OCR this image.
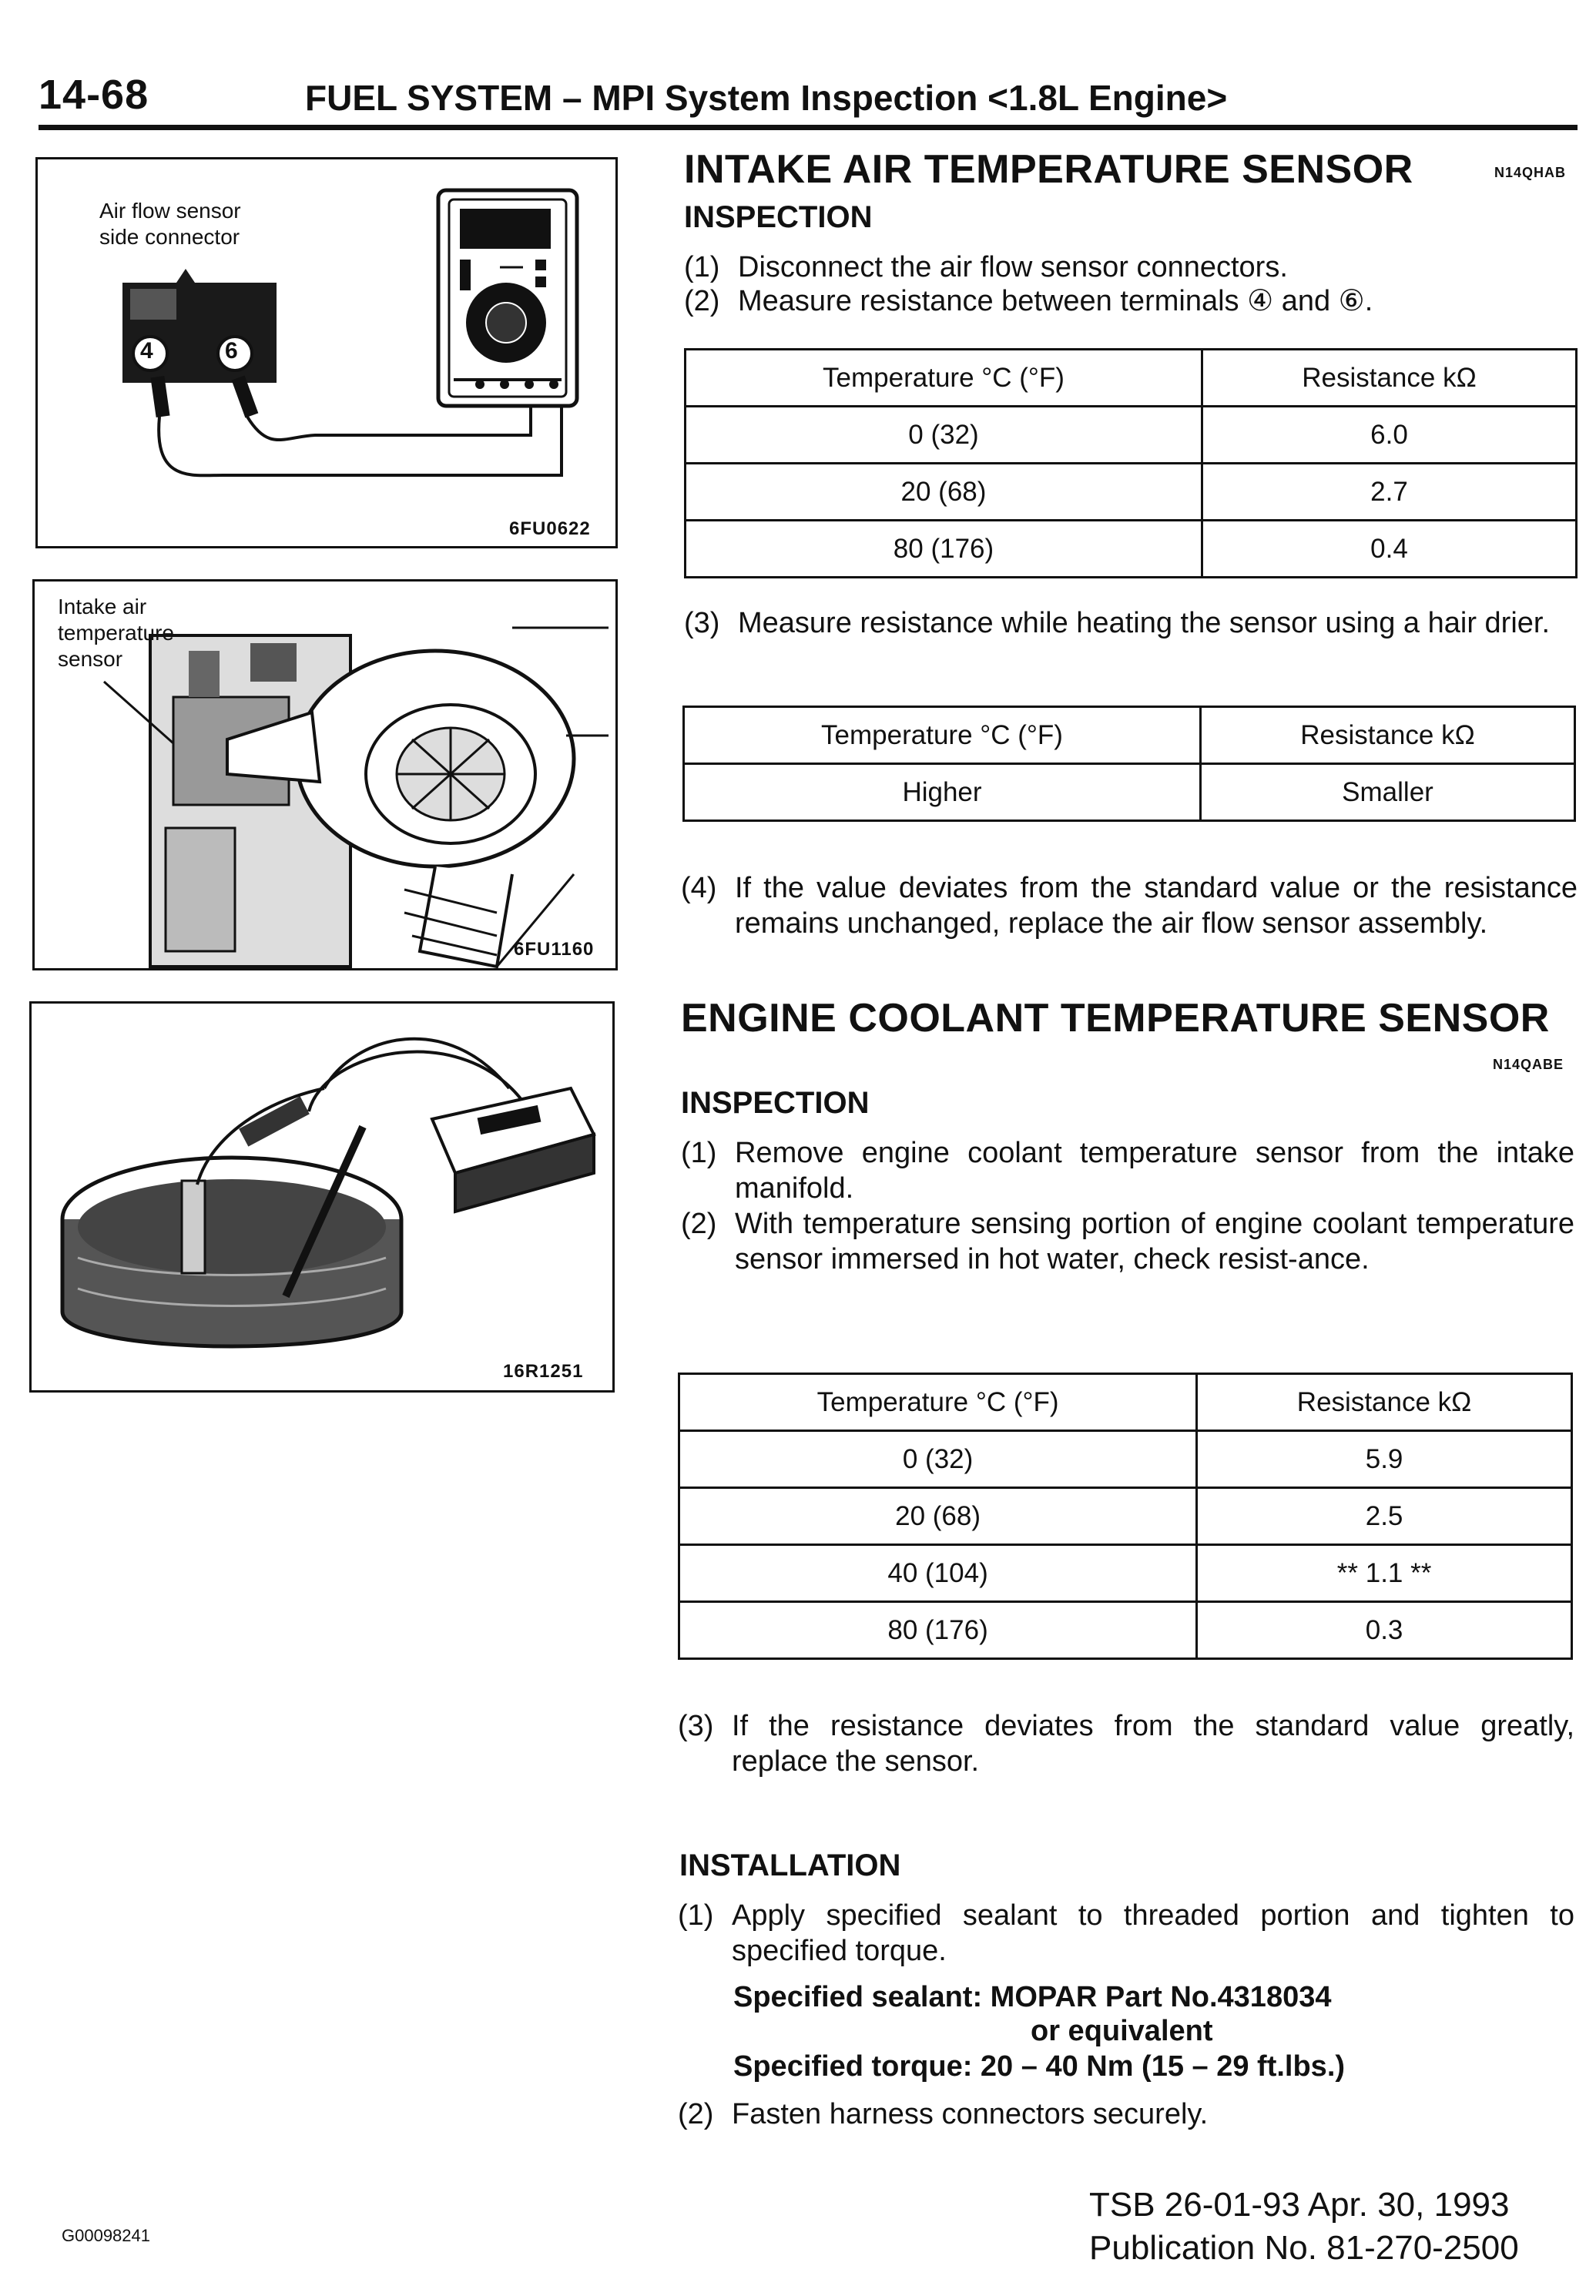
14-68	FUEL SYSTEM – MPI System Inspection <1.8L Engine>
Air flow sensor
side connector
4	6
6FU0622
Intake air
temperature
sensor
6FU1160
16R1251
INTAKE AIR TEMPERATURE SENSOR	N14QHAB
INSPECTION
(1) Disconnect the air flow sensor connectors.
(2) Measure resistance between terminals ④ and ⑥.
Temperature °C (°F)	Resistance kΩ
0 (32)	6.0
20 (68)	2.7
80 (176)	0.4
(3) Measure resistance while heating the sensor using a hair drier.
Temperature °C (°F)	Resistance kΩ
Higher	Smaller
(4) If the value deviates from the standard value or the resistance remains unchanged, replace the air flow sensor assembly.
ENGINE COOLANT TEMPERATURE SENSOR
N14QABE
INSPECTION
(1) Remove engine coolant temperature sensor from the intake manifold.
(2) With temperature sensing portion of engine coolant temperature sensor immersed in hot water, check resist-ance.
Temperature °C (°F)	Resistance kΩ
0 (32)	5.9
20 (68)	2.5
40 (104)	** 1.1 **
80 (176)	0.3
(3) If the resistance deviates from the standard value greatly, replace the sensor.
INSTALLATION
(1) Apply specified sealant to threaded portion and tighten to specified torque.
Specified sealant: MOPAR Part No.4318034
or equivalent
Specified torque: 20 – 40 Nm (15 – 29 ft.lbs.)
(2) Fasten harness connectors securely.
G00098241
TSB 26-01-93 Apr. 30, 1993
Publication No. 81-270-2500
